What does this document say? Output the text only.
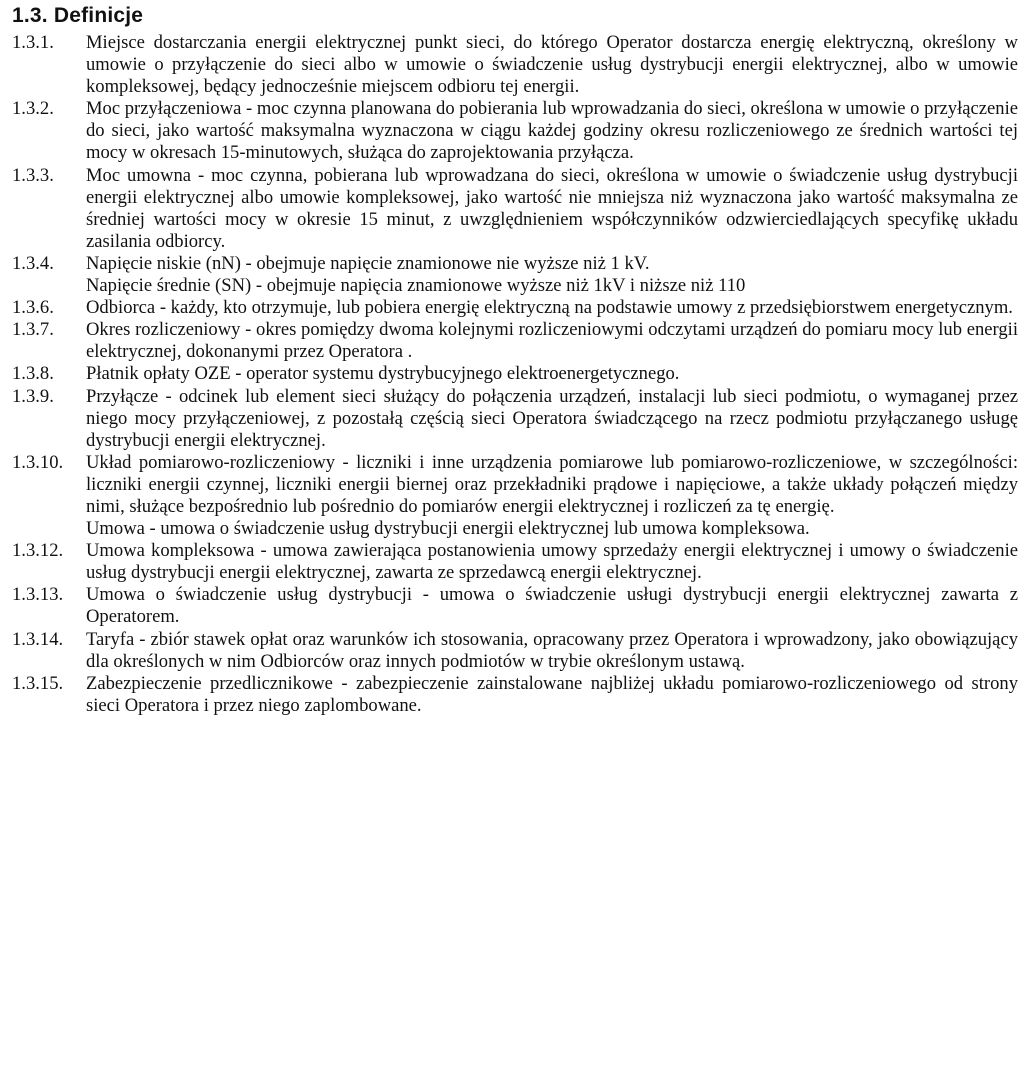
1.3. Definicje
1.3.1.	Miejsce dostarczania energii elektrycznej punkt sieci, do którego Operator dostarcza energię elektryczną, określony w umowie o przyłączenie do sieci albo w umowie o świadczenie usług dystrybucji energii elektrycznej, albo w umowie kompleksowej, będący jednocześnie miejscem odbioru tej energii.
1.3.2.	Moc przyłączeniowa - moc czynna planowana do pobierania lub wprowadzania do sieci, określona w umowie o przyłączenie do sieci, jako wartość maksymalna wyznaczona w ciągu każdej godziny okresu rozliczeniowego ze średnich wartości tej mocy w okresach 15-minutowych, służąca do zaprojektowania przyłącza.
1.3.3.	Moc umowna - moc czynna, pobierana lub wprowadzana do sieci, określona w umowie o świadczenie usług dystrybucji energii elektrycznej albo umowie kompleksowej, jako wartość nie mniejsza niż wyznaczona jako wartość maksymalna ze średniej wartości mocy w okresie 15 minut, z uwzględnieniem współczynników odzwierciedlających specyfikę układu zasilania odbiorcy.
1.3.4.	Napięcie niskie (nN) - obejmuje napięcie znamionowe nie wyższe niż 1 kV.
Napięcie średnie (SN) - obejmuje napięcia znamionowe wyższe niż 1kV i niższe niż 110
1.3.6.	Odbiorca - każdy, kto otrzymuje, lub pobiera energię elektryczną na podstawie umowy z przedsiębiorstwem energetycznym.
1.3.7.	Okres rozliczeniowy - okres pomiędzy dwoma kolejnymi rozliczeniowymi odczytami urządzeń do pomiaru mocy lub energii elektrycznej, dokonanymi przez Operatora .
1.3.8.	Płatnik opłaty OZE - operator systemu dystrybucyjnego elektroenergetycznego.
1.3.9.	Przyłącze - odcinek lub element sieci służący do połączenia urządzeń, instalacji lub sieci podmiotu, o wymaganej przez niego mocy przyłączeniowej, z pozostałą częścią sieci Operatora świadczącego na rzecz podmiotu przyłączanego usługę dystrybucji energii elektrycznej.
1.3.10.	Układ pomiarowo-rozliczeniowy - liczniki i inne urządzenia pomiarowe lub pomiarowo-rozliczeniowe, w szczególności: liczniki energii czynnej, liczniki energii biernej oraz przekładniki prądowe i napięciowe, a także układy połączeń między nimi, służące bezpośrednio lub pośrednio do pomiarów energii elektrycznej i rozliczeń za tę energię.
Umowa - umowa o świadczenie usług dystrybucji energii elektrycznej lub umowa kompleksowa.
1.3.12.	Umowa kompleksowa - umowa zawierająca postanowienia umowy sprzedaży energii elektrycznej i umowy o świadczenie usług dystrybucji energii elektrycznej, zawarta ze sprzedawcą energii elektrycznej.
1.3.13.	Umowa o świadczenie usług dystrybucji - umowa o świadczenie usługi dystrybucji energii elektrycznej zawarta z Operatorem.
1.3.14.	Taryfa - zbiór stawek opłat oraz warunków ich stosowania, opracowany przez Operatora i wprowadzony, jako obowiązujący dla określonych w nim Odbiorców oraz innych podmiotów w trybie określonym ustawą.
1.3.15.	Zabezpieczenie przedlicznikowe - zabezpieczenie zainstalowane najbliżej układu pomiarowo-rozliczeniowego od strony sieci Operatora i przez niego zaplombowane.
